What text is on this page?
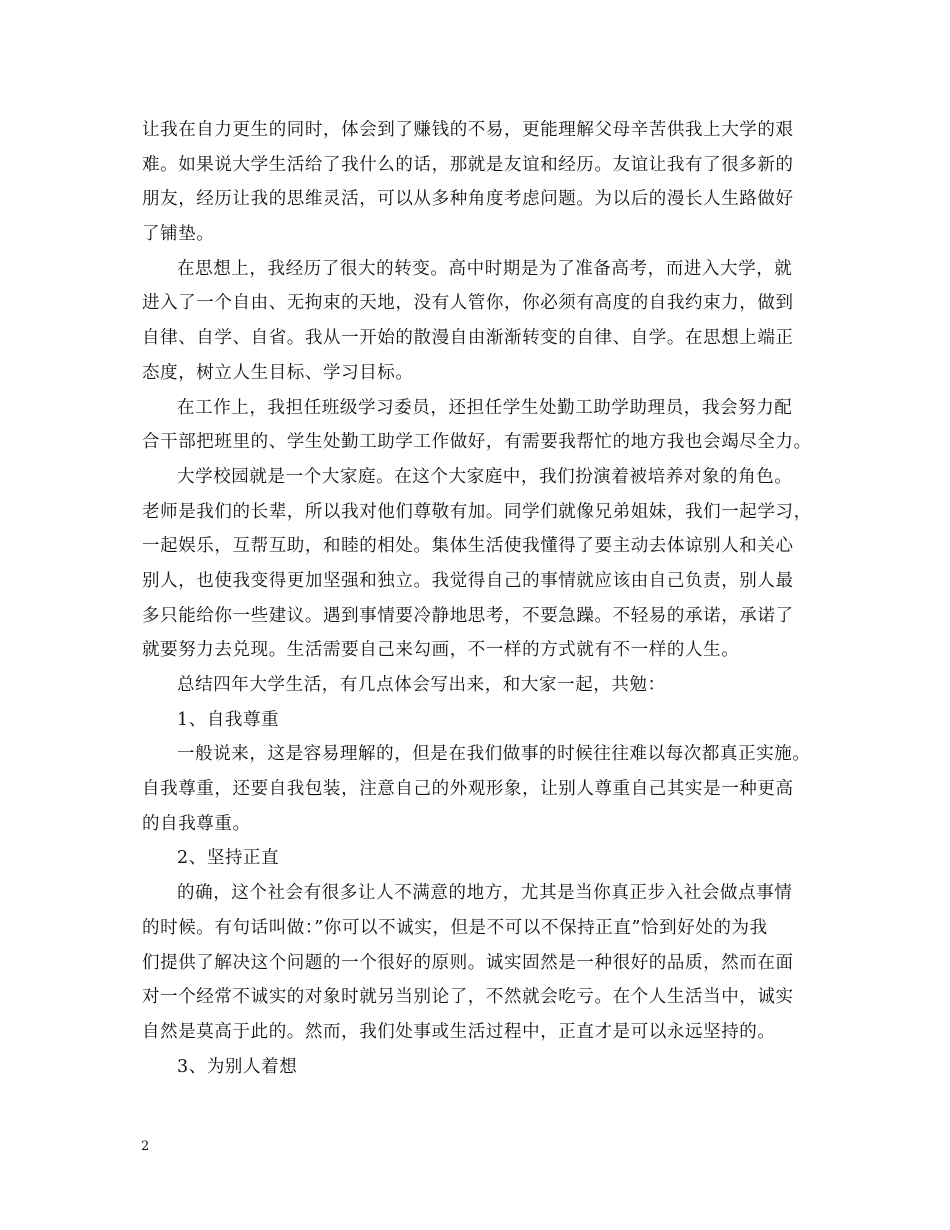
让我在自力更生的同时，体会到了赚钱的不易，更能理解父母辛苦供我上大学的艰
难。如果说大学生活给了我什么的话，那就是友谊和经历。友谊让我有了很多新的
朋友，经历让我的思维灵活，可以从多种角度考虑问题。为以后的漫长人生路做好
了铺垫。
在思想上，我经历了很大的转变。高中时期是为了准备高考，而进入大学，就
进入了一个自由、无拘束的天地，没有人管你，你必须有高度的自我约束力，做到
自律、自学、自省。我从一开始的散漫自由渐渐转变的自律、自学。在思想上端正
态度，树立人生目标、学习目标。
在工作上，我担任班级学习委员，还担任学生处勤工助学助理员，我会努力配
合干部把班里的、学生处勤工助学工作做好，有需要我帮忙的地方我也会竭尽全力。
大学校园就是一个大家庭。在这个大家庭中，我们扮演着被培养对象的角色。
老师是我们的长辈，所以我对他们尊敬有加。同学们就像兄弟姐妹，我们一起学习，
一起娱乐，互帮互助，和睦的相处。集体生活使我懂得了要主动去体谅别人和关心
别人，也使我变得更加坚强和独立。我觉得自己的事情就应该由自己负责，别人最
多只能给你一些建议。遇到事情要冷静地思考，不要急躁。不轻易的承诺，承诺了
就要努力去兑现。生活需要自己来勾画，不一样的方式就有不一样的人生。
总结四年大学生活，有几点体会写出来，和大家一起，共勉：
1、自我尊重
一般说来，这是容易理解的，但是在我们做事的时候往往难以每次都真正实施。
自我尊重，还要自我包装，注意自己的外观形象，让别人尊重自己其实是一种更高
的自我尊重。
2、坚持正直
的确，这个社会有很多让人不满意的地方，尤其是当你真正步入社会做点事情
的时候。有句话叫做：”你可以不诚实，但是不可以不保持正直”恰到好处的为我
们提供了解决这个问题的一个很好的原则。诚实固然是一种很好的品质，然而在面
对一个经常不诚实的对象时就另当别论了，不然就会吃亏。在个人生活当中，诚实
自然是莫高于此的。然而，我们处事或生活过程中，正直才是可以永远坚持的。
3、为别人着想
2
